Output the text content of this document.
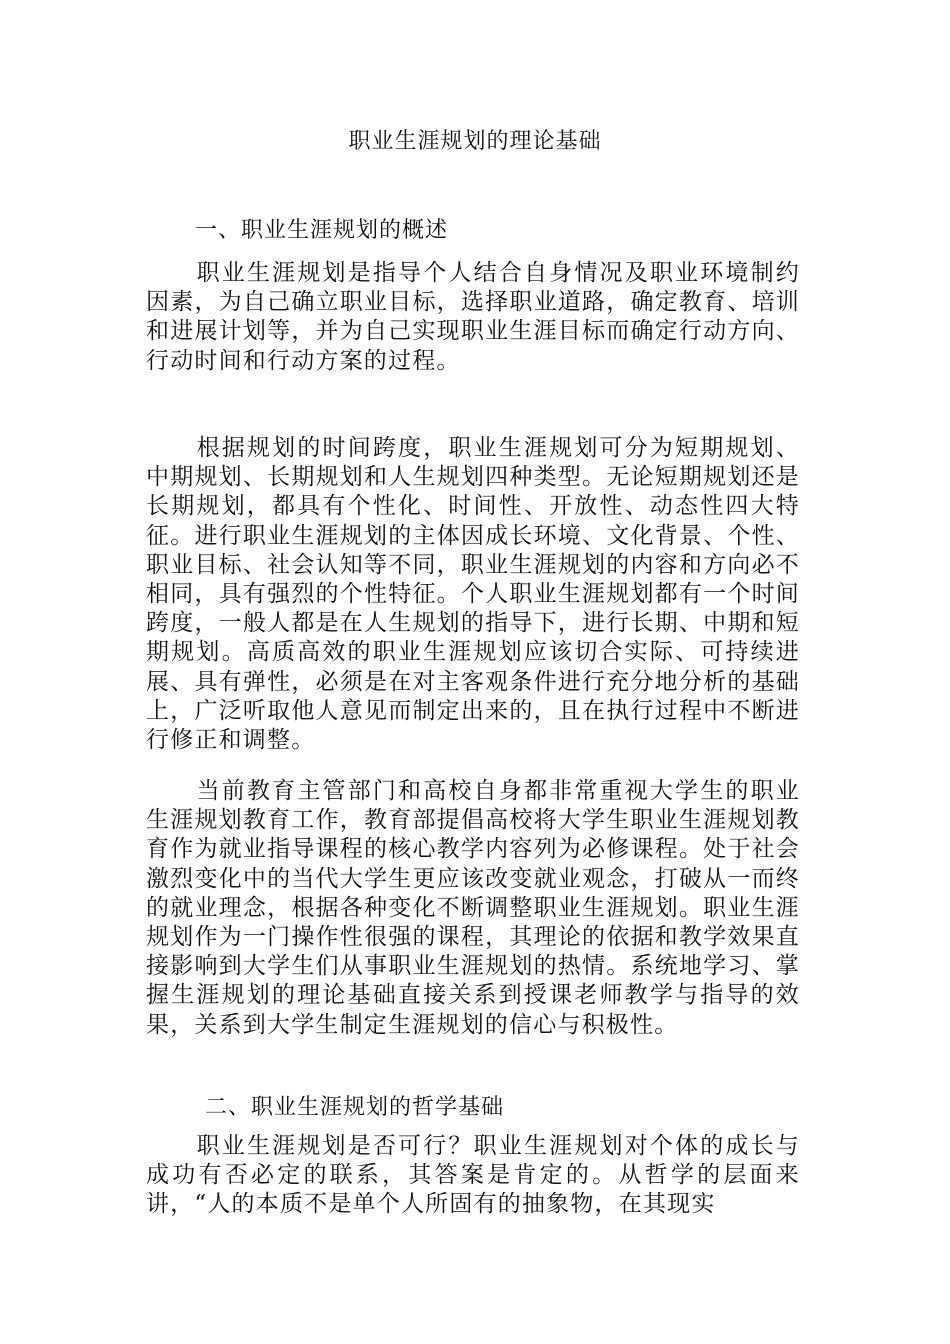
职业生涯规划的理论基础
一、职业生涯规划的概述

职业生涯规划是指导个人结合自身情况及职业环境制约因素，为自己确立职业目标，选择职业道路，确定教育、培训和进展计划等，并为自己实现职业生涯目标而确定行动方向、行动时间和行动方案的过程。

根据规划的时间跨度，职业生涯规划可分为短期规划、中期规划、长期规划和人生规划四种类型。无论短期规划还是长期规划，都具有个性化、时间性、开放性、动态性四大特征。进行职业生涯规划的主体因成长环境、文化背景、个性、职业目标、社会认知等不同，职业生涯规划的内容和方向必不相同，具有强烈的个性特征。个人职业生涯规划都有一个时间跨度，一般人都是在人生规划的指导下，进行长期、中期和短期规划。高质高效的职业生涯规划应该切合实际、可持续进展、具有弹性，必须是在对主客观条件进行充分地分析的基础上，广泛听取他人意见而制定出来的，且在执行过程中不断进行修正和调整。

当前教育主管部门和高校自身都非常重视大学生的职业生涯规划教育工作，教育部提倡高校将大学生职业生涯规划教育作为就业指导课程的核心教学内容列为必修课程。处于社会激烈变化中的当代大学生更应该改变就业观念，打破从一而终的就业理念，根据各种变化不断调整职业生涯规划。职业生涯规划作为一门操作性很强的课程，其理论的依据和教学效果直接影响到大学生们从事职业生涯规划的热情。系统地学习、掌握生涯规划的理论基础直接关系到授课老师教学与指导的效果，关系到大学生制定生涯规划的信心与积极性。

二、职业生涯规划的哲学基础

职业生涯规划是否可行？职业生涯规划对个体的成长与成功有否必定的联系，其答案是肯定的。从哲学的层面来讲，“人的本质不是单个人所固有的抽象物，在其现实
